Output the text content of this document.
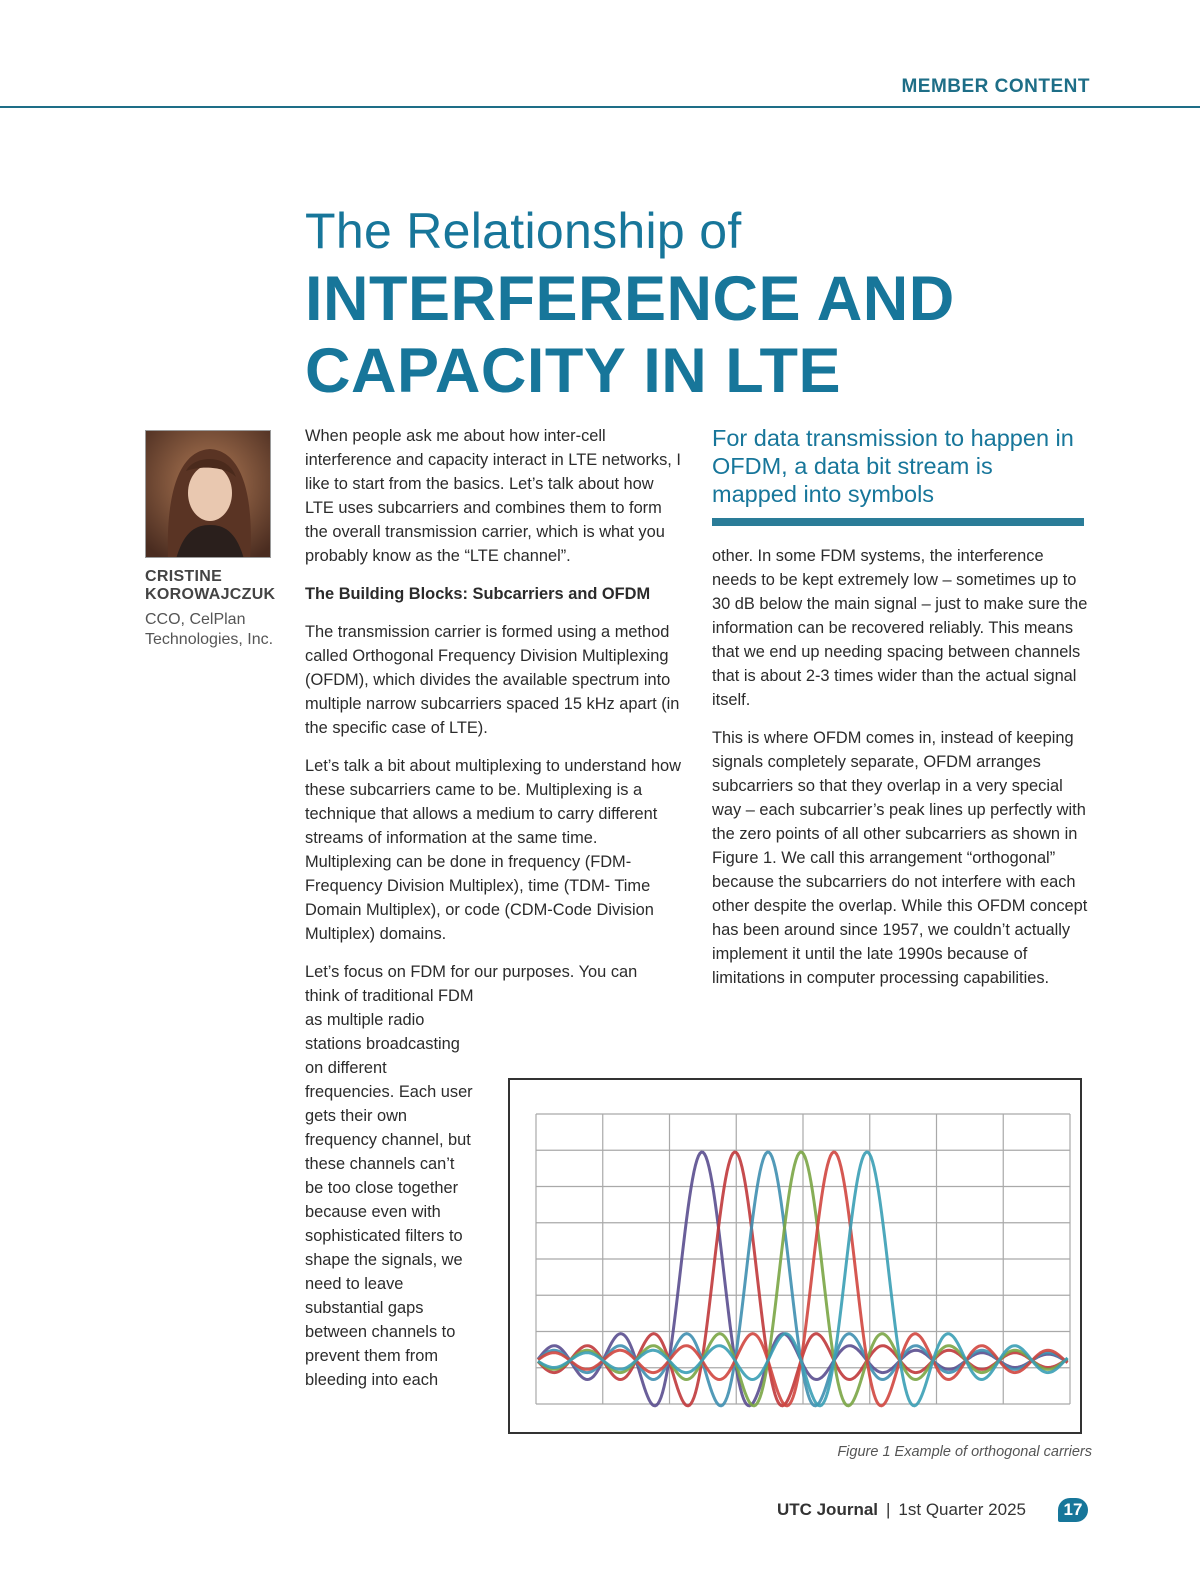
MEMBER CONTENT
The Relationship of
INTERFERENCE AND
CAPACITY IN LTE
CRISTINE
KOROWAJCZUK
CCO, CelPlan
Technologies, Inc.

When people ask me about how inter-cell interference and capacity interact in LTE networks, I like to start from the basics. Let’s talk about how LTE uses subcarriers and combines them to form the overall transmission carrier, which is what you probably know as the “LTE channel”.

The Building Blocks: Subcarriers and OFDM

The transmission carrier is formed using a method called Orthogonal Frequency Division Multiplexing (OFDM), which divides the available spectrum into multiple narrow subcarriers spaced 15 kHz apart (in the specific case of LTE).

Let’s talk a bit about multiplexing to understand how these subcarriers came to be. Multiplexing is a technique that allows a medium to carry different streams of information at the same time. Multiplexing can be done in frequency (FDM- Frequency Division Multiplex), time (TDM- Time Domain Multiplex), or code (CDM-Code Division Multiplex) domains.

Let’s focus on FDM for our purposes. You can
think of traditional FDM as multiple radio stations broadcasting on different frequencies. Each user gets their own frequency channel, but these channels can’t be too close together because even with sophisticated filters to shape the signals, we need to leave substantial gaps between channels to prevent them from bleeding into each
For data transmission to happen in OFDM, a data bit stream is mapped into symbols

other. In some FDM systems, the interference needs to be kept extremely low – sometimes up to 30 dB below the main signal – just to make sure the information can be recovered reliably. This means that we end up needing spacing between channels that is about 2-3 times wider than the actual signal itself.

This is where OFDM comes in, instead of keeping signals completely separate, OFDM arranges subcarriers so that they overlap in a very special way – each subcarrier’s peak lines up perfectly with the zero points of all other subcarriers as shown in Figure 1. We call this arrangement “orthogonal” because the subcarriers do not interfere with each other despite the overlap. While this OFDM concept has been around since 1957, we couldn’t actually implement it until the late 1990s because of limitations in computer processing capabilities.

Figure 1 Example of orthogonal carriers
UTC Journal | 1st Quarter 2025	17
